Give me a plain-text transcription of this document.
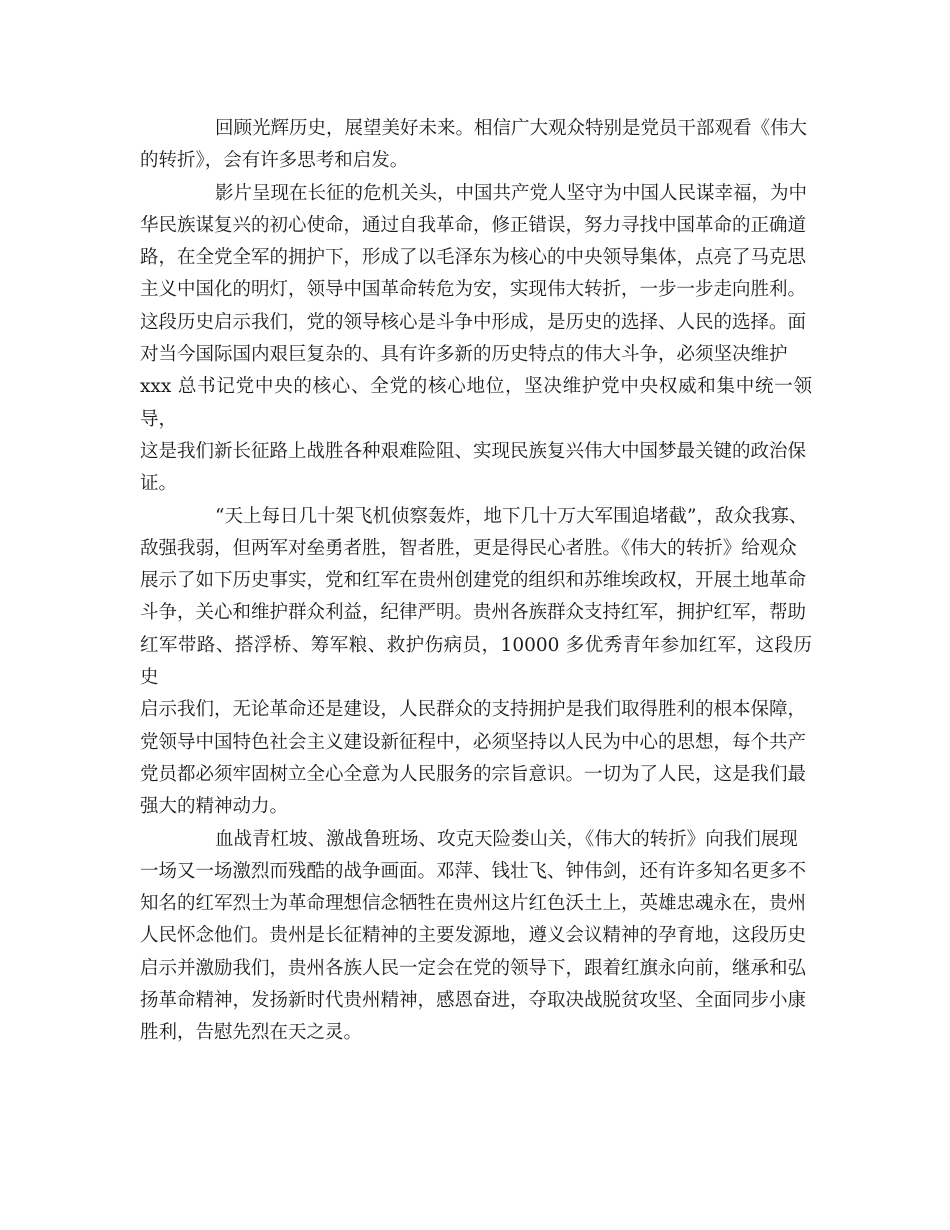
回顾光辉历史，展望美好未来。相信广大观众特别是党员干部观看《伟大
的转折》，会有许多思考和启发。

影片呈现在长征的危机关头，中国共产党人坚守为中国人民谋幸福，为中
华民族谋复兴的初心使命，通过自我革命，修正错误，努力寻找中国革命的正确道
路，在全党全军的拥护下，形成了以毛泽东为核心的中央领导集体，点亮了马克思
主义中国化的明灯，领导中国革命转危为安，实现伟大转折，一步一步走向胜利。
这段历史启示我们，党的领导核心是斗争中形成，是历史的选择、人民的选择。面
对当今国际国内艰巨复杂的、具有许多新的历史特点的伟大斗争，必须坚决维护
xxx 总书记党中央的核心、全党的核心地位，坚决维护党中央权威和集中统一领导，
这是我们新长征路上战胜各种艰难险阻、实现民族复兴伟大中国梦最关键的政治保
证。

“天上每日几十架飞机侦察轰炸，地下几十万大军围追堵截”，敌众我寡、
敌强我弱，但两军对垒勇者胜，智者胜，更是得民心者胜。《伟大的转折》给观众
展示了如下历史事实，党和红军在贵州创建党的组织和苏维埃政权，开展土地革命
斗争，关心和维护群众利益，纪律严明。贵州各族群众支持红军，拥护红军，帮助
红军带路、搭浮桥、筹军粮、救护伤病员，10000 多优秀青年参加红军，这段历史
启示我们，无论革命还是建设，人民群众的支持拥护是我们取得胜利的根本保障，
党领导中国特色社会主义建设新征程中，必须坚持以人民为中心的思想，每个共产
党员都必须牢固树立全心全意为人民服务的宗旨意识。一切为了人民，这是我们最
强大的精神动力。

血战青杠坡、激战鲁班场、攻克天险娄山关，《伟大的转折》向我们展现
一场又一场激烈而残酷的战争画面。邓萍、钱壮飞、钟伟剑，还有许多知名更多不
知名的红军烈士为革命理想信念牺牲在贵州这片红色沃土上，英雄忠魂永在，贵州
人民怀念他们。贵州是长征精神的主要发源地，遵义会议精神的孕育地，这段历史
启示并激励我们，贵州各族人民一定会在党的领导下，跟着红旗永向前，继承和弘
扬革命精神，发扬新时代贵州精神，感恩奋进，夺取决战脱贫攻坚、全面同步小康
胜利，告慰先烈在天之灵。
